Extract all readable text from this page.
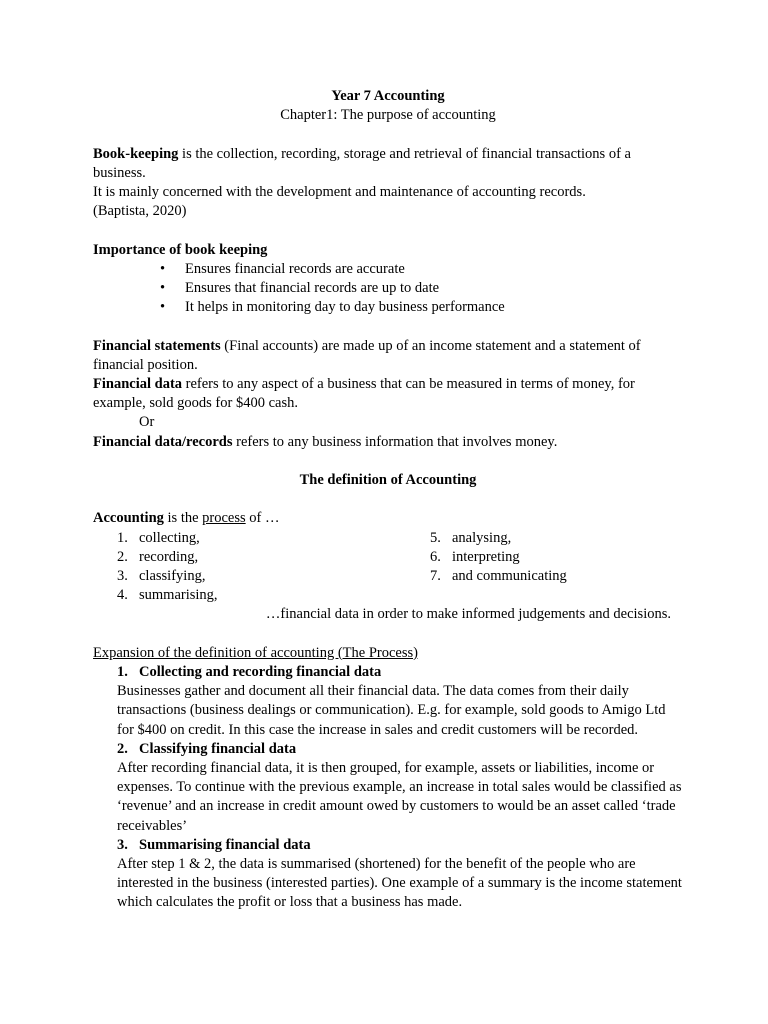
Year 7 Accounting

Chapter1: The purpose of accounting

Book-keeping is the collection, recording, storage and retrieval of financial transactions of a business.

It is mainly concerned with the development and maintenance of accounting records.

(Baptista, 2020)

Importance of book keeping

• Ensures financial records are accurate
• Ensures that financial records are up to date
• It helps in monitoring day to day business performance

Financial statements (Final accounts) are made up of an income statement and a statement of financial position.

Financial data refers to any aspect of a business that can be measured in terms of money, for example, sold goods for $400 cash.

Or

Financial data/records refers to any business information that involves money.

The definition of Accounting

Accounting is the process of …

1. collecting,
2. recording,
3. classifying,
4. summarising,
5. analysing,
6. interpreting
7. and communicating

…financial data in order to make informed judgements and decisions.

Expansion of the definition of accounting (The Process)

1. Collecting and recording financial data

Businesses gather and document all their financial data. The data comes from their daily transactions (business dealings or communication). E.g. for example, sold goods to Amigo Ltd for $400 on credit. In this case the increase in sales and credit customers will be recorded.

2. Classifying financial data

After recording financial data, it is then grouped, for example, assets or liabilities, income or expenses. To continue with the previous example, an increase in total sales would be classified as ‘revenue’ and an increase in credit amount owed by customers to would be an asset called ‘trade receivables’

3. Summarising financial data

After step 1 & 2, the data is summarised (shortened) for the benefit of the people who are interested in the business (interested parties). One example of a summary is the income statement which calculates the profit or loss that a business has made.
